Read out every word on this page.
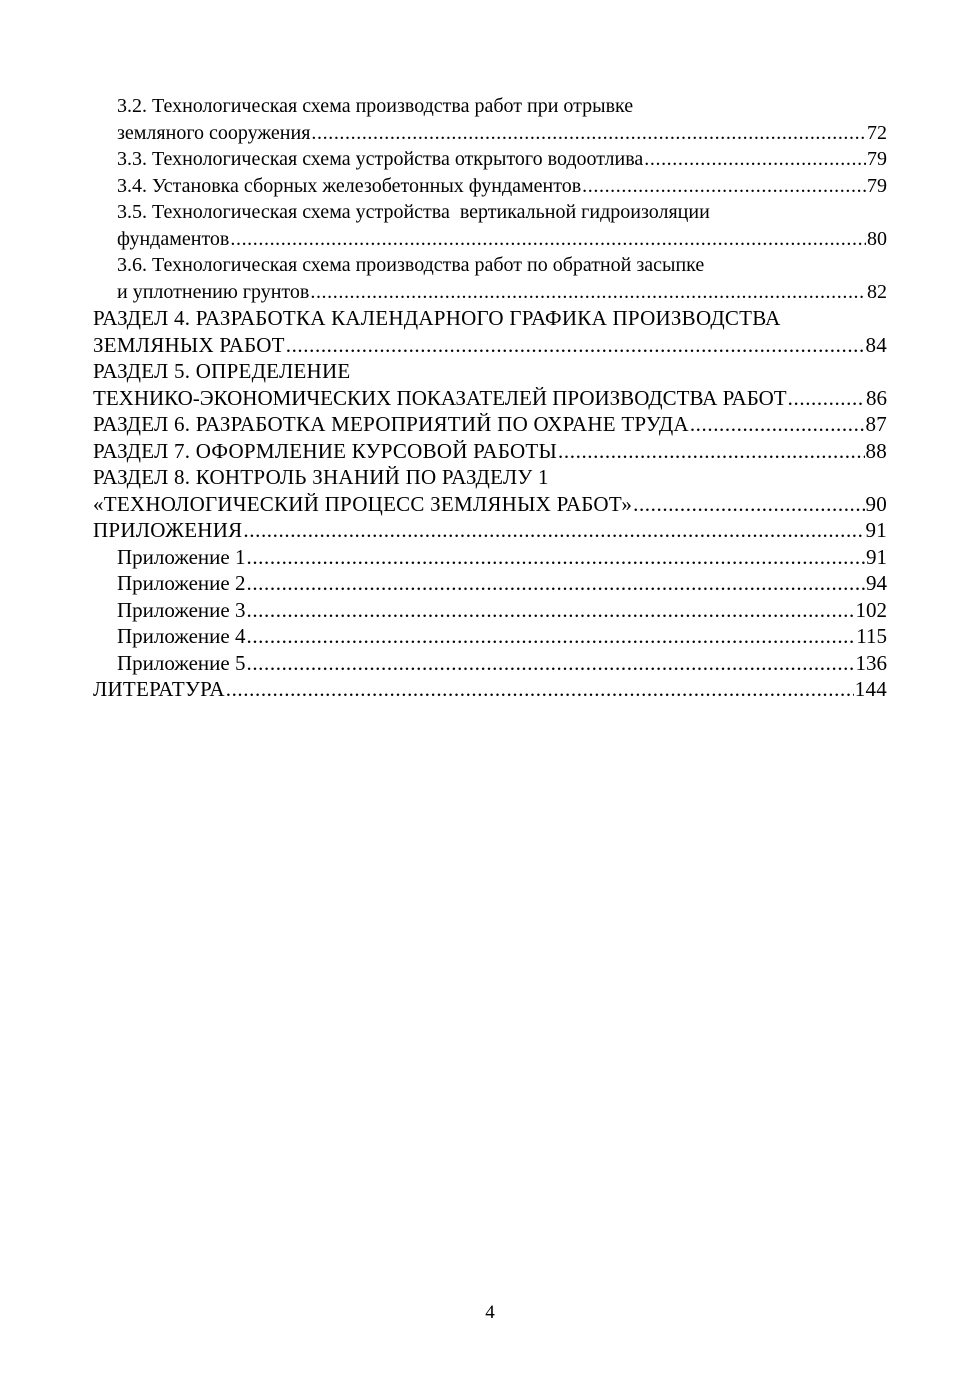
3.2. Технологическая схема производства работ при отрывке
земляного сооружения .....	72
3.3. Технологическая схема устройства открытого водоотлива .....	79
3.4. Установка сборных железобетонных фундаментов .....	79
3.5. Технологическая схема устройства  вертикальной гидроизоляции
фундаментов .....	80
3.6. Технологическая схема производства работ по обратной засыпке
и уплотнению грунтов .....	82
РАЗДЕЛ 4. РАЗРАБОТКА КАЛЕНДАРНОГО ГРАФИКА ПРОИЗВОДСТВА
ЗЕМЛЯНЫХ РАБОТ .....	84
РАЗДЕЛ 5. ОПРЕДЕЛЕНИЕ
ТЕХНИКО-ЭКОНОМИЧЕСКИХ ПОКАЗАТЕЛЕЙ ПРОИЗВОДСТВА РАБОТ .....	86
РАЗДЕЛ 6. РАЗРАБОТКА МЕРОПРИЯТИЙ ПО ОХРАНЕ ТРУДА .....	87
РАЗДЕЛ 7. ОФОРМЛЕНИЕ КУРСОВОЙ РАБОТЫ .....	88
РАЗДЕЛ 8. КОНТРОЛЬ ЗНАНИЙ ПО РАЗДЕЛУ 1
«ТЕХНОЛОГИЧЕСКИЙ ПРОЦЕСС ЗЕМЛЯНЫХ РАБОТ» .....	90
ПРИЛОЖЕНИЯ .....	91
Приложение 1 .....	91
Приложение 2 .....	94
Приложение 3 .....	102
Приложение 4 .....	115
Приложение 5 .....	136
ЛИТЕРАТУРА .....	144
4
